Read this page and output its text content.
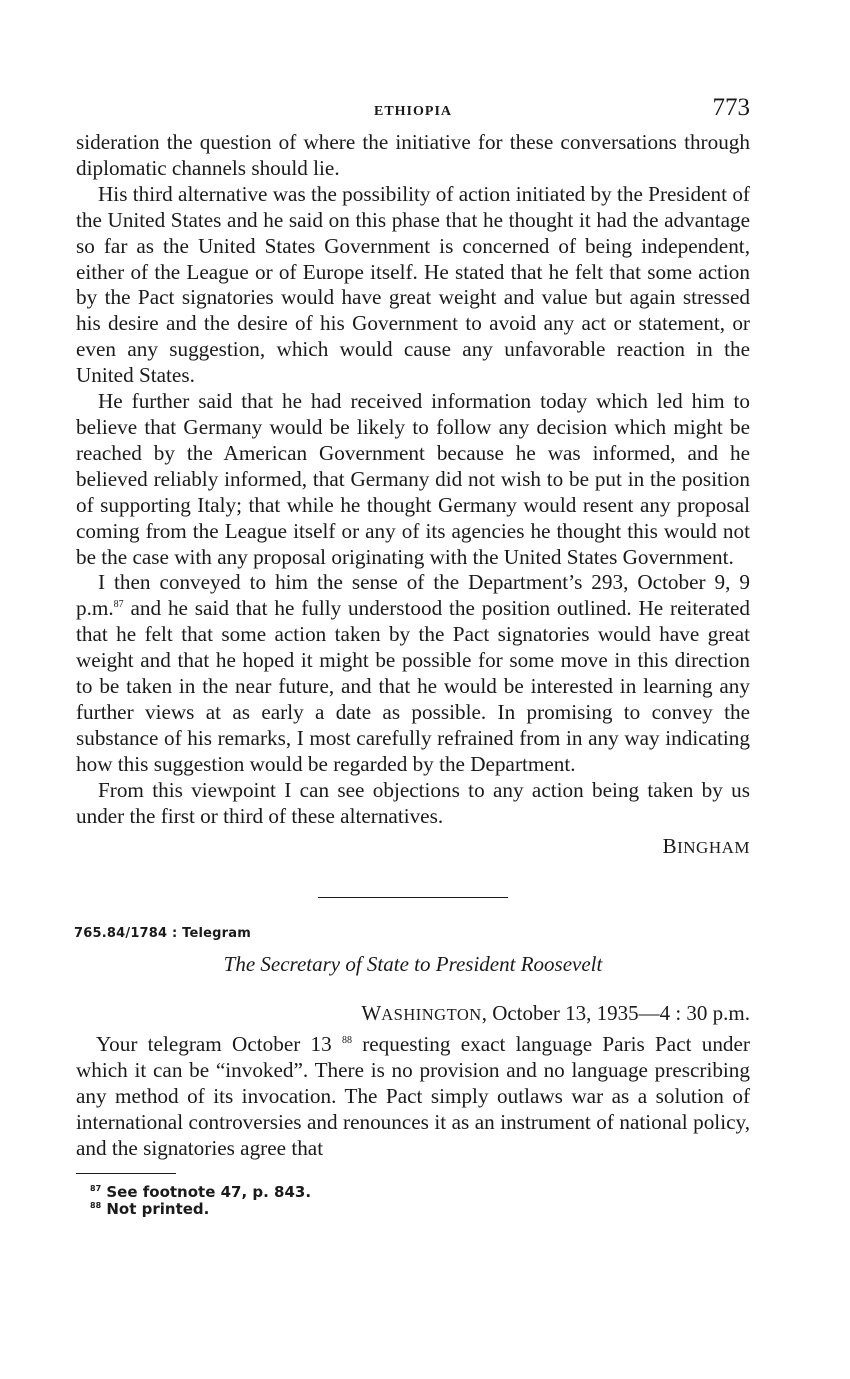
ETHIOPIA	773

sideration the question of where the initiative for these conversations through diplomatic channels should lie.

His third alternative was the possibility of action initiated by the President of the United States and he said on this phase that he thought it had the advantage so far as the United States Government is concerned of being independent, either of the League or of Europe itself. He stated that he felt that some action by the Pact signatories would have great weight and value but again stressed his desire and the desire of his Government to avoid any act or statement, or even any suggestion, which would cause any unfavorable reaction in the United States.

He further said that he had received information today which led him to believe that Germany would be likely to follow any decision which might be reached by the American Government because he was informed, and he believed reliably informed, that Germany did not wish to be put in the position of supporting Italy; that while he thought Germany would resent any proposal coming from the League itself or any of its agencies he thought this would not be the case with any proposal originating with the United States Government.

I then conveyed to him the sense of the Department’s 293, October 9, 9 p.m.$^{87}$ and he said that he fully understood the position outlined. He reiterated that he felt that some action taken by the Pact signatories would have great weight and that he hoped it might be possible for some move in this direction to be taken in the near future, and that he would be interested in learning any further views at as early a date as possible. In promising to convey the substance of his remarks, I most carefully refrained from in any way indicating how this suggestion would be regarded by the Department.

From this viewpoint I can see objections to any action being taken by us under the first or third of these alternatives.

BINGHAM
765.84/1784 : Telegram
The Secretary of State to President Roosevelt
WASHINGTON, October 13, 1935—4 : 30 p.m.

Your telegram October 13 $^{88}$ requesting exact language Paris Pact under which it can be “invoked”. There is no provision and no language prescribing any method of its invocation. The Pact simply outlaws war as a solution of international controversies and renounces it as an instrument of national policy, and the signatories agree that

$^{87}$ See footnote 47, p. 843.
$^{88}$ Not printed.
